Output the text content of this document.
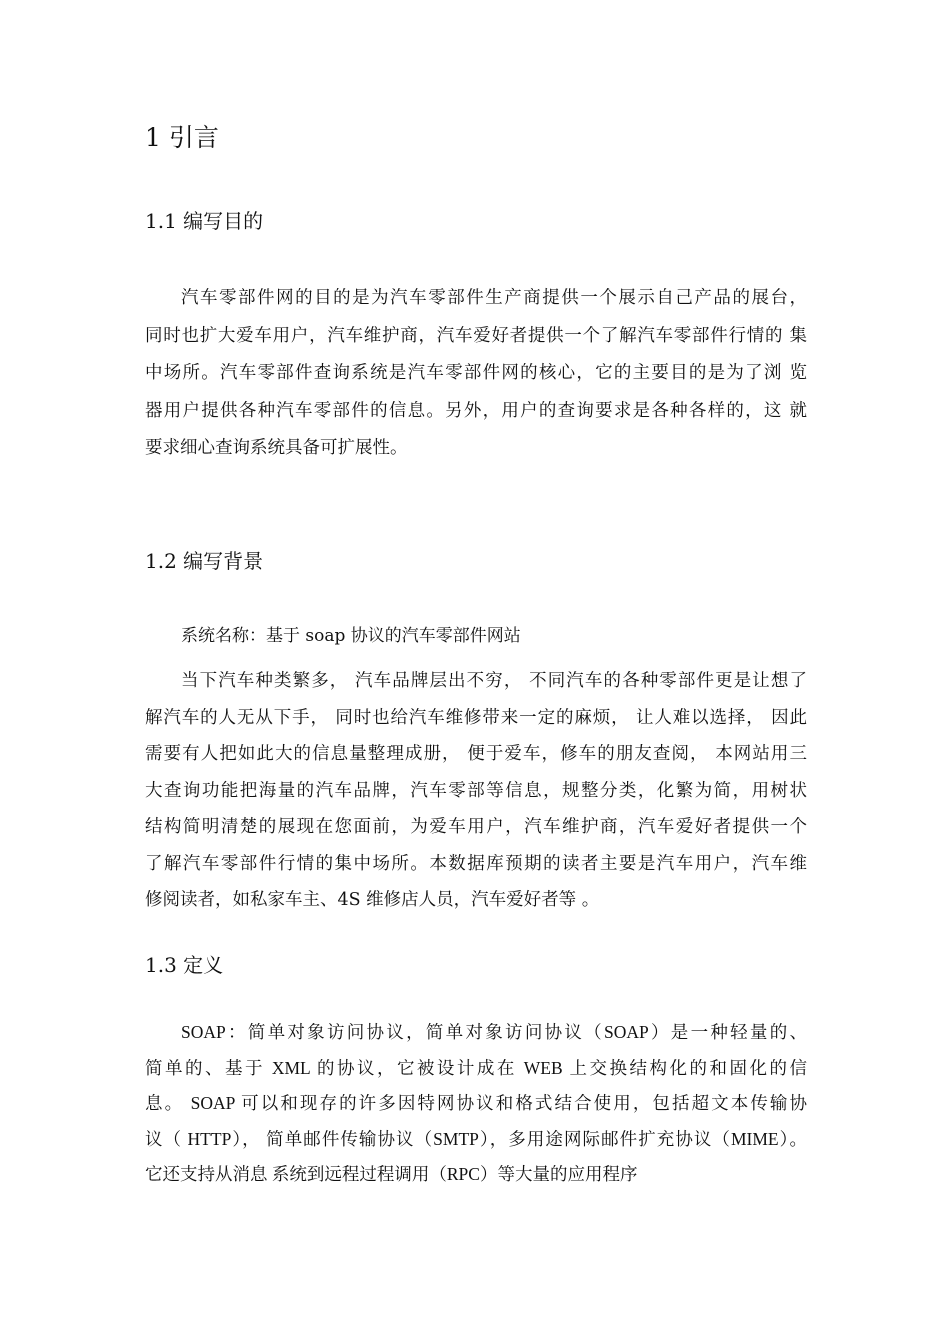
1 引言
1.1 编写目的
汽车零部件网的目的是为汽车零部件生产商提供一个展示自己产品的展台，
同时也扩大爱车用户，汽车维护商，汽车爱好者提供一个了解汽车零部件行情的 集
中场所。汽车零部件查询系统是汽车零部件网的核心，它的主要目的是为了浏 览
器用户提供各种汽车零部件的信息。另外，用户的查询要求是各种各样的，这 就
要求细心查询系统具备可扩展性。
1.2 编写背景
系统名称：基于 soap 协议的汽车零部件网站
当下汽车种类繁多， 汽车品牌层出不穷， 不同汽车的各种零部件更是让想了
解汽车的人无从下手， 同时也给汽车维修带来一定的麻烦， 让人难以选择， 因此
需要有人把如此大的信息量整理成册， 便于爱车，修车的朋友查阅， 本网站用三
大查询功能把海量的汽车品牌，汽车零部等信息，规整分类，化繁为简，用树状
结构简明清楚的展现在您面前，为爱车用户，汽车维护商，汽车爱好者提供一个
了解汽车零部件行情的集中场所。本数据库预期的读者主要是汽车用户，汽车维
修阅读者，如私家车主、4S 维修店人员，汽车爱好者等 。
1.3 定义
SOAP：简单对象访问协议，简单对象访问协议（SOAP）是一种轻量的、
简单的、基于 XML 的协议，它被设计成在 WEB 上交换结构化的和固化的信
息。 SOAP 可以和现存的许多因特网协议和格式结合使用，包括超文本传输协
议（ HTTP）， 简单邮件传输协议（SMTP），多用途网际邮件扩充协议（MIME）。
它还支持从消息 系统到远程过程调用（RPC）等大量的应用程序
